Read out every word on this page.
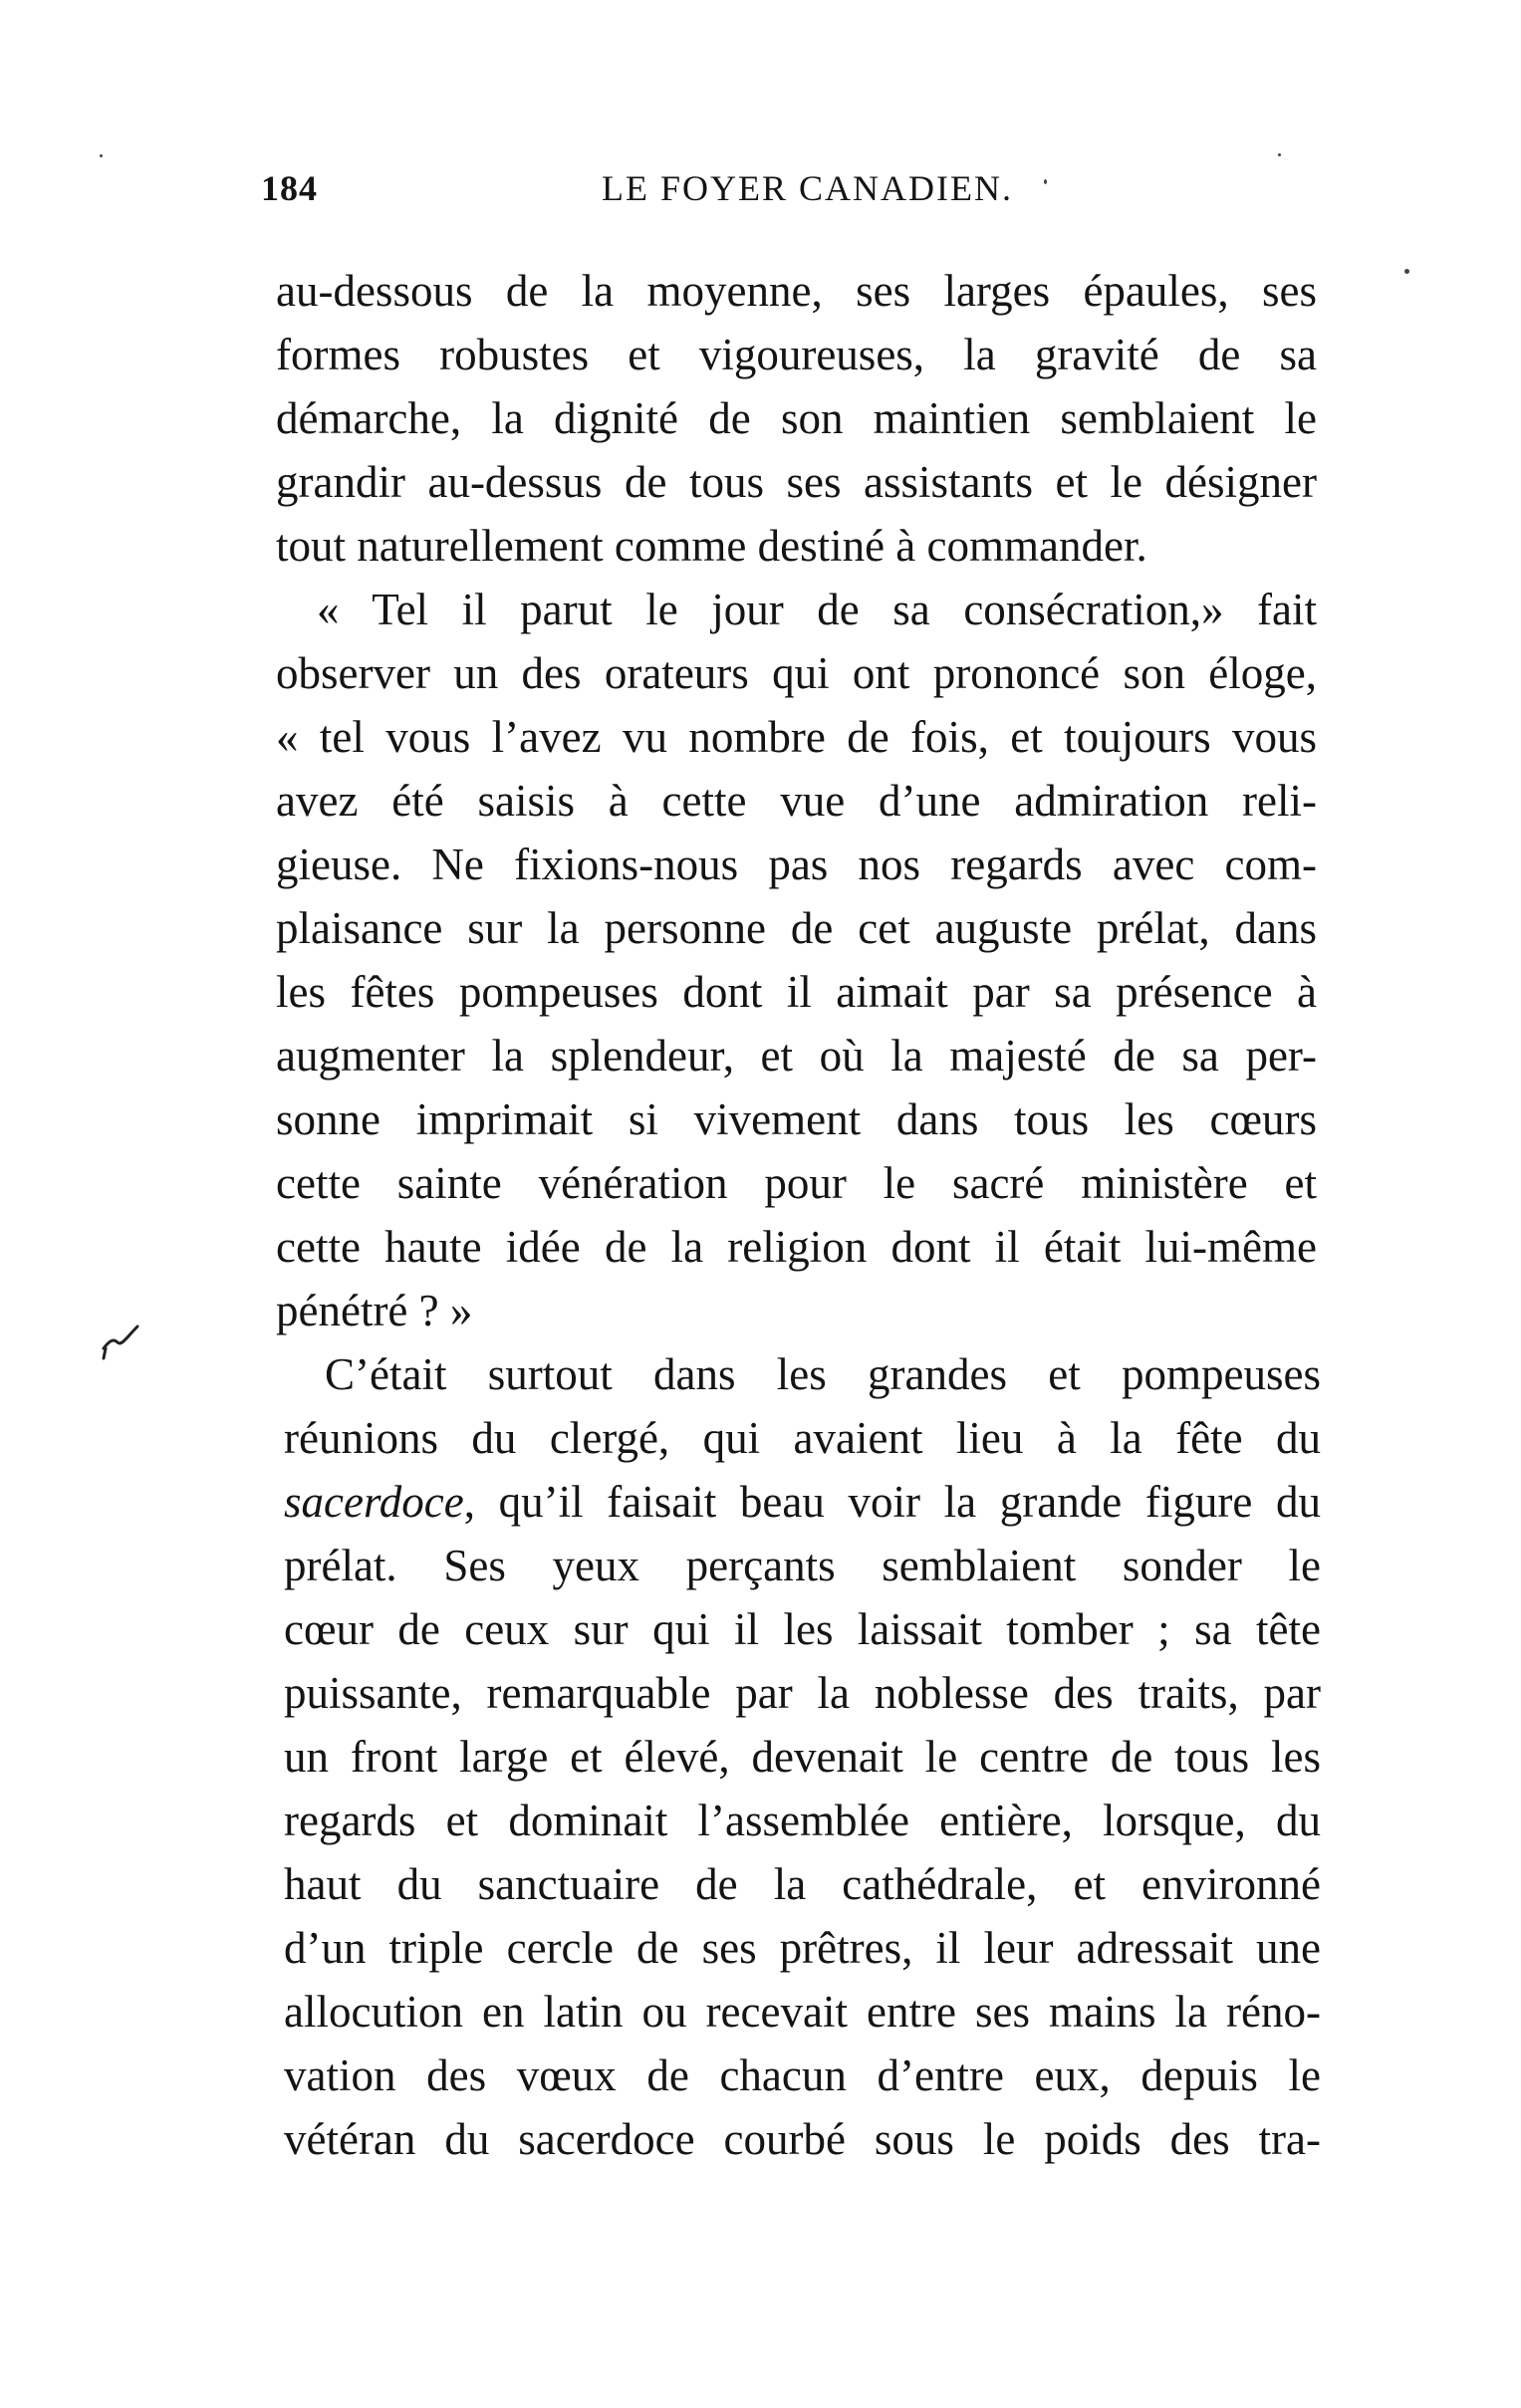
184	LE FOYER CANADIEN.
au-dessous de la moyenne, ses larges épaules, ses
formes robustes et vigoureuses, la gravité de sa
démarche, la dignité de son maintien semblaient le
grandir au-dessus de tous ses assistants et le désigner
tout naturellement comme destiné à commander.
« Tel il parut le jour de sa consécration,» fait
observer un des orateurs qui ont prononcé son éloge,
« tel vous l’avez vu nombre de fois, et toujours vous
avez été saisis à cette vue d’une admiration reli-
gieuse. Ne fixions-nous pas nos regards avec com-
plaisance sur la personne de cet auguste prélat, dans
les fêtes pompeuses dont il aimait par sa présence à
augmenter la splendeur, et où la majesté de sa per-
sonne imprimait si vivement dans tous les cœurs
cette sainte vénération pour le sacré ministère et
cette haute idée de la religion dont il était lui-même
pénétré ? »
C’était surtout dans les grandes et pompeuses
réunions du clergé, qui avaient lieu à la fête du
sacerdoce, qu’il faisait beau voir la grande figure du
prélat. Ses yeux perçants semblaient sonder le
cœur de ceux sur qui il les laissait tomber ; sa tête
puissante, remarquable par la noblesse des traits, par
un front large et élevé, devenait le centre de tous les
regards et dominait l’assemblée entière, lorsque, du
haut du sanctuaire de la cathédrale, et environné
d’un triple cercle de ses prêtres, il leur adressait une
allocution en latin ou recevait entre ses mains la réno-
vation des vœux de chacun d’entre eux, depuis le
vétéran du sacerdoce courbé sous le poids des tra-
